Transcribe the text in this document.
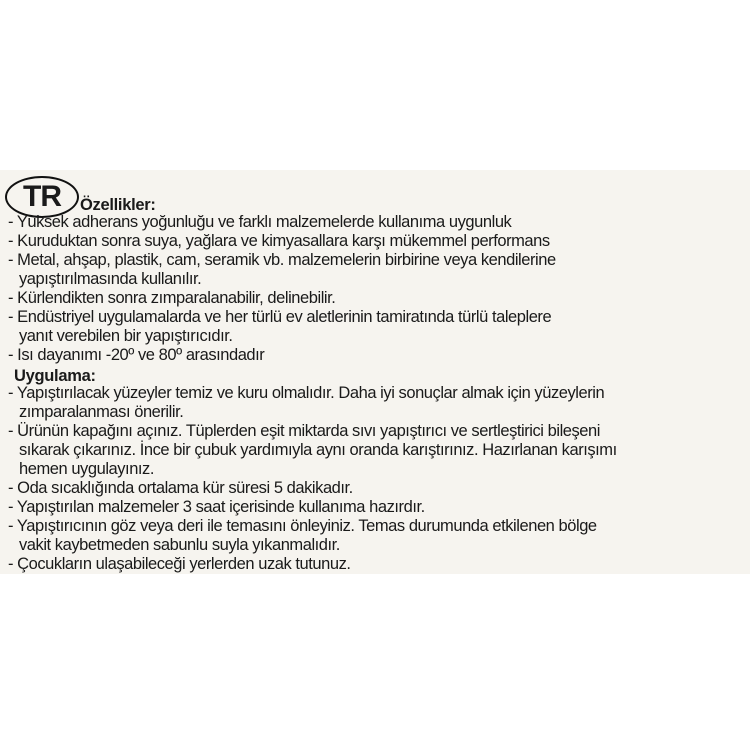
TR	Özellikler:
- Yüksek adherans yoğunluğu ve farklı malzemelerde kullanıma uygunluk
- Kuruduktan sonra suya, yağlara ve kimyasallara karşı mükemmel performans
- Metal, ahşap, plastik, cam, seramik vb. malzemelerin birbirine veya kendilerine
yapıştırılmasında kullanılır.
- Kürlendikten sonra zımparalanabilir, delinebilir.
- Endüstriyel uygulamalarda ve her türlü ev aletlerinin tamiratında türlü taleplere
yanıt verebilen bir yapıştırıcıdır.
- Isı dayanımı -20º ve 80º arasındadır
Uygulama:
- Yapıştırılacak yüzeyler temiz ve kuru olmalıdır. Daha iyi sonuçlar almak için yüzeylerin
zımparalanması önerilir.
- Ürünün kapağını açınız. Tüplerden eşit miktarda sıvı yapıştırıcı ve sertleştirici bileşeni
sıkarak çıkarınız. İnce bir çubuk yardımıyla aynı oranda karıştırınız. Hazırlanan karışımı
hemen uygulayınız.
- Oda sıcaklığında ortalama kür süresi 5 dakikadır.
- Yapıştırılan malzemeler 3 saat içerisinde kullanıma hazırdır.
- Yapıştırıcının göz veya deri ile temasını önleyiniz. Temas durumunda etkilenen bölge
vakit kaybetmeden sabunlu suyla yıkanmalıdır.
- Çocukların ulaşabileceği yerlerden uzak tutunuz.
